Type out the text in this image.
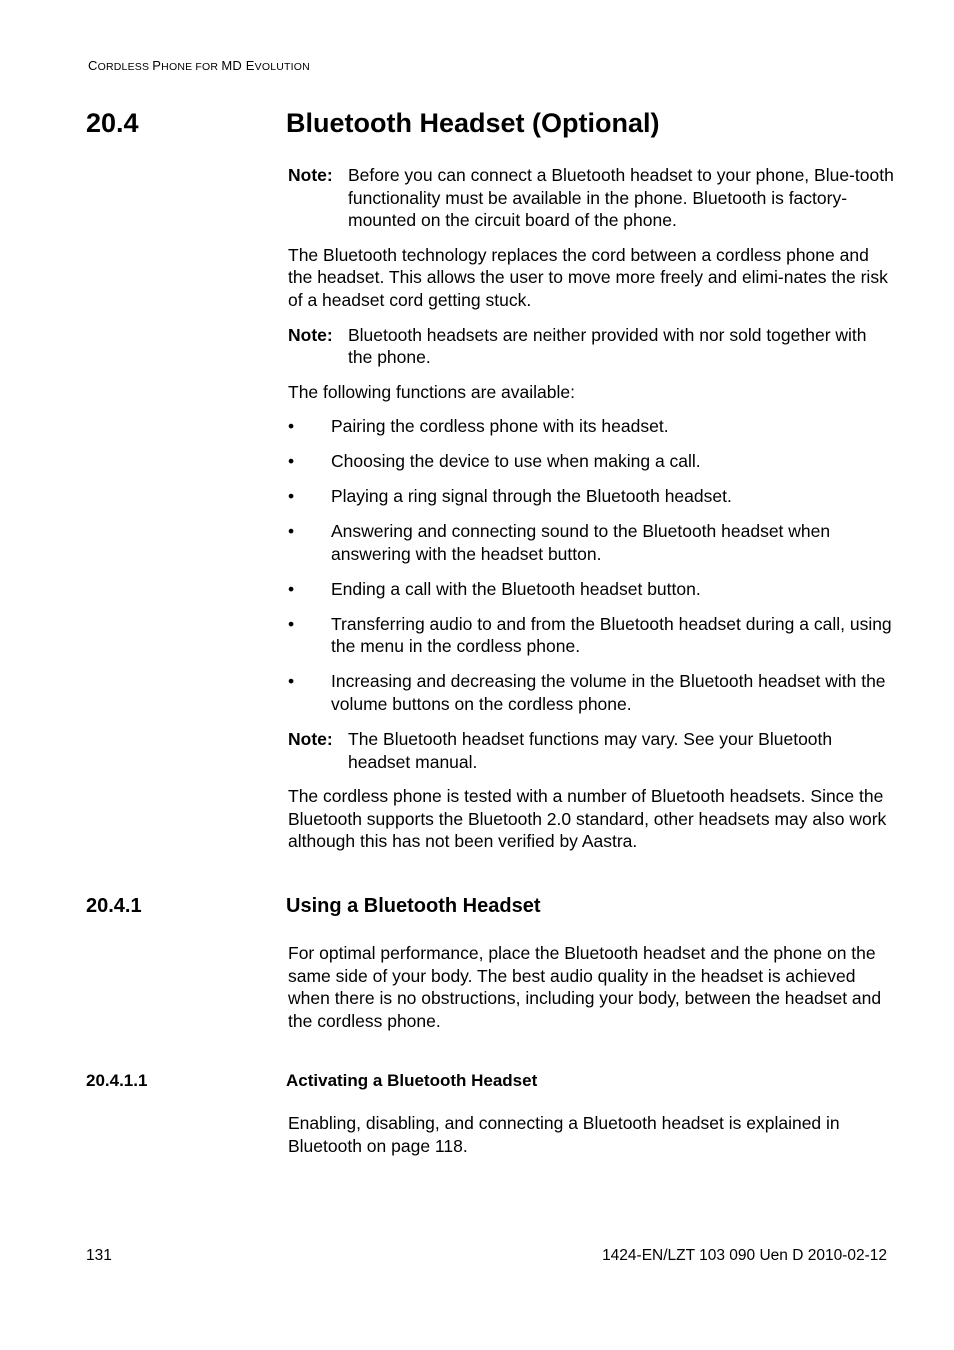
CORDLESS PHONE FOR MD EVOLUTION
20.4	Bluetooth Headset (Optional)
Note: Before you can connect a Bluetooth headset to your phone, Blue-tooth functionality must be available in the phone. Bluetooth is factory-mounted on the circuit board of the phone.

The Bluetooth technology replaces the cord between a cordless phone and the headset. This allows the user to move more freely and elimi-nates the risk of a headset cord getting stuck.

Note: Bluetooth headsets are neither provided with nor sold together with the phone.

The following functions are available:

• Pairing the cordless phone with its headset.
• Choosing the device to use when making a call.
• Playing a ring signal through the Bluetooth headset.
• Answering and connecting sound to the Bluetooth headset when answering with the headset button.
• Ending a call with the Bluetooth headset button.
• Transferring audio to and from the Bluetooth headset during a call, using the menu in the cordless phone.
• Increasing and decreasing the volume in the Bluetooth headset with the volume buttons on the cordless phone.
Note: The Bluetooth headset functions may vary. See your Bluetooth headset manual.

The cordless phone is tested with a number of Bluetooth headsets. Since the Bluetooth supports the Bluetooth 2.0 standard, other headsets may also work although this has not been verified by Aastra.

20.4.1	Using a Bluetooth Headset

For optimal performance, place the Bluetooth headset and the phone on the same side of your body. The best audio quality in the headset is achieved when there is no obstructions, including your body, between the headset and the cordless phone.

20.4.1.1	Activating a Bluetooth Headset

Enabling, disabling, and connecting a Bluetooth headset is explained in Bluetooth on page 118.

131	1424-EN/LZT 103 090 Uen D 2010-02-12
